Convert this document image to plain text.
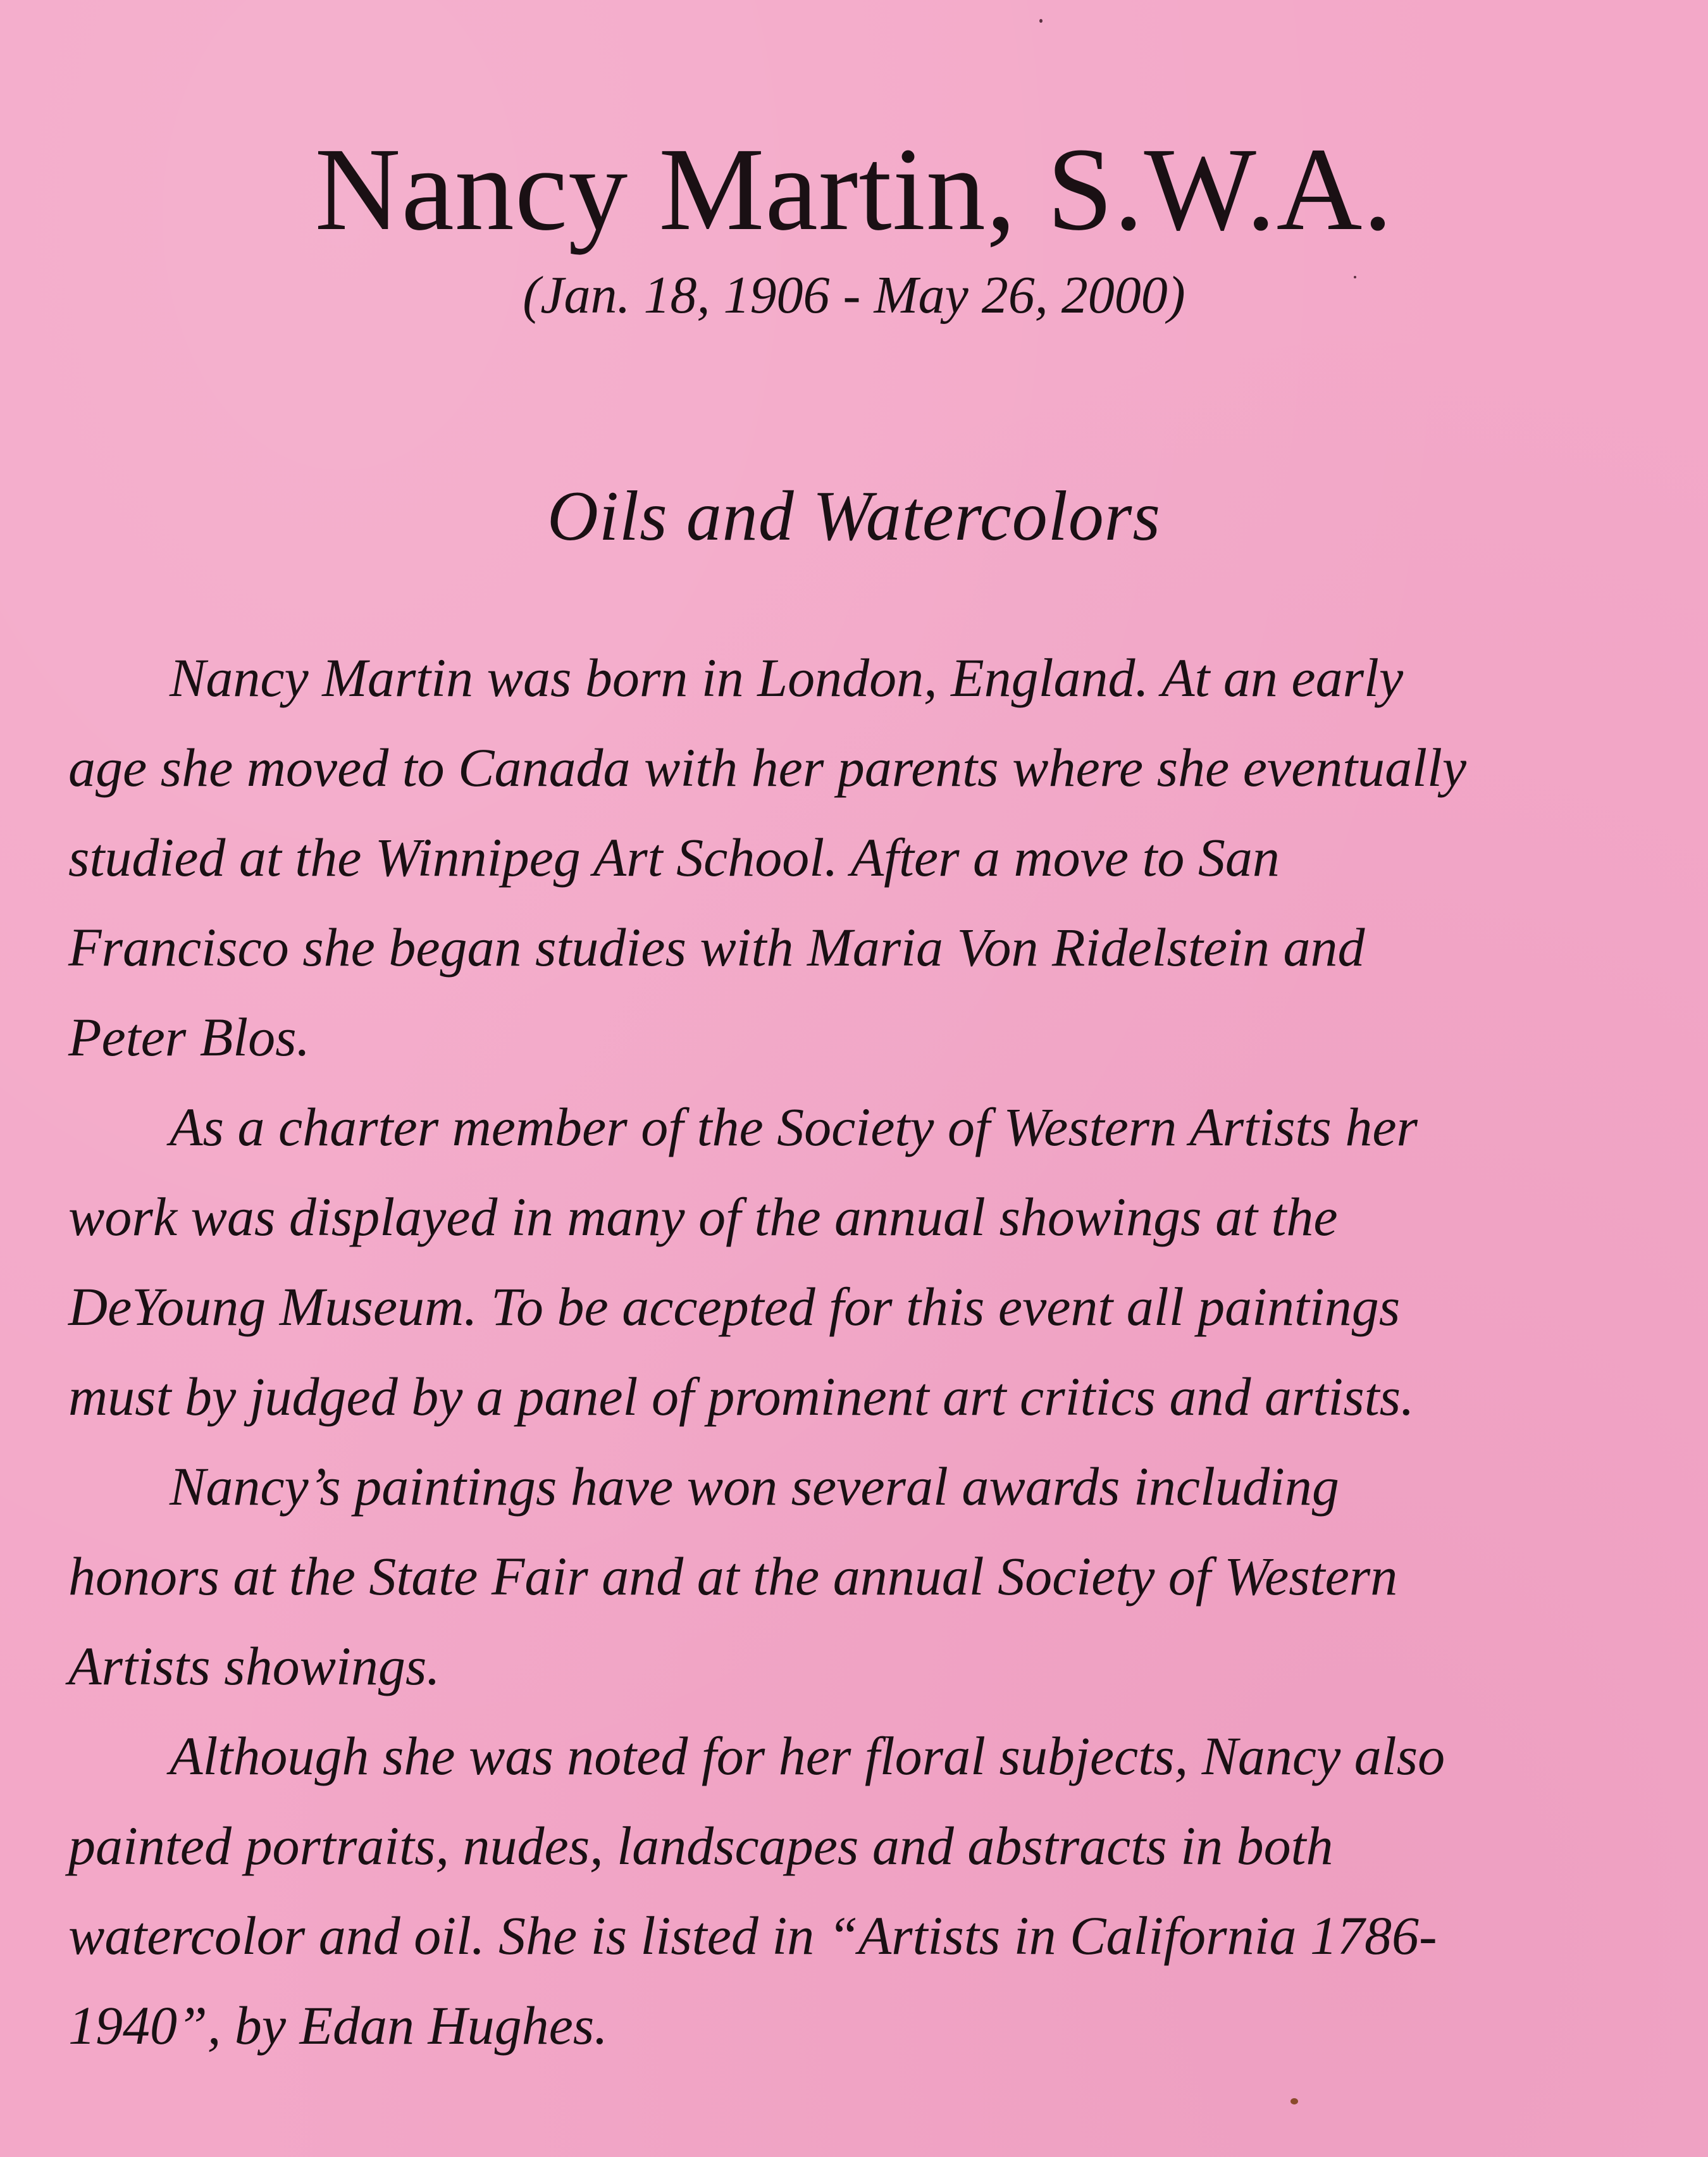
Nancy Martin, S.W.A.
(Jan. 18, 1906 - May 26, 2000)
Oils and Watercolors
Nancy Martin was born in London, England. At an early
age she moved to Canada with her parents where she eventually
studied at the Winnipeg Art School. After a move to San
Francisco she began studies with Maria Von Ridelstein and
Peter Blos.
As a charter member of the Society of Western Artists her
work was displayed in many of the annual showings at the
DeYoung Museum. To be accepted for this event all paintings
must by judged by a panel of prominent art critics and artists.
Nancy’s paintings have won several awards including
honors at the State Fair and at the annual Society of Western
Artists showings.
Although she was noted for her floral subjects, Nancy also
painted portraits, nudes, landscapes and abstracts in both
watercolor and oil. She is listed in “Artists in California 1786-
1940”, by Edan Hughes.
